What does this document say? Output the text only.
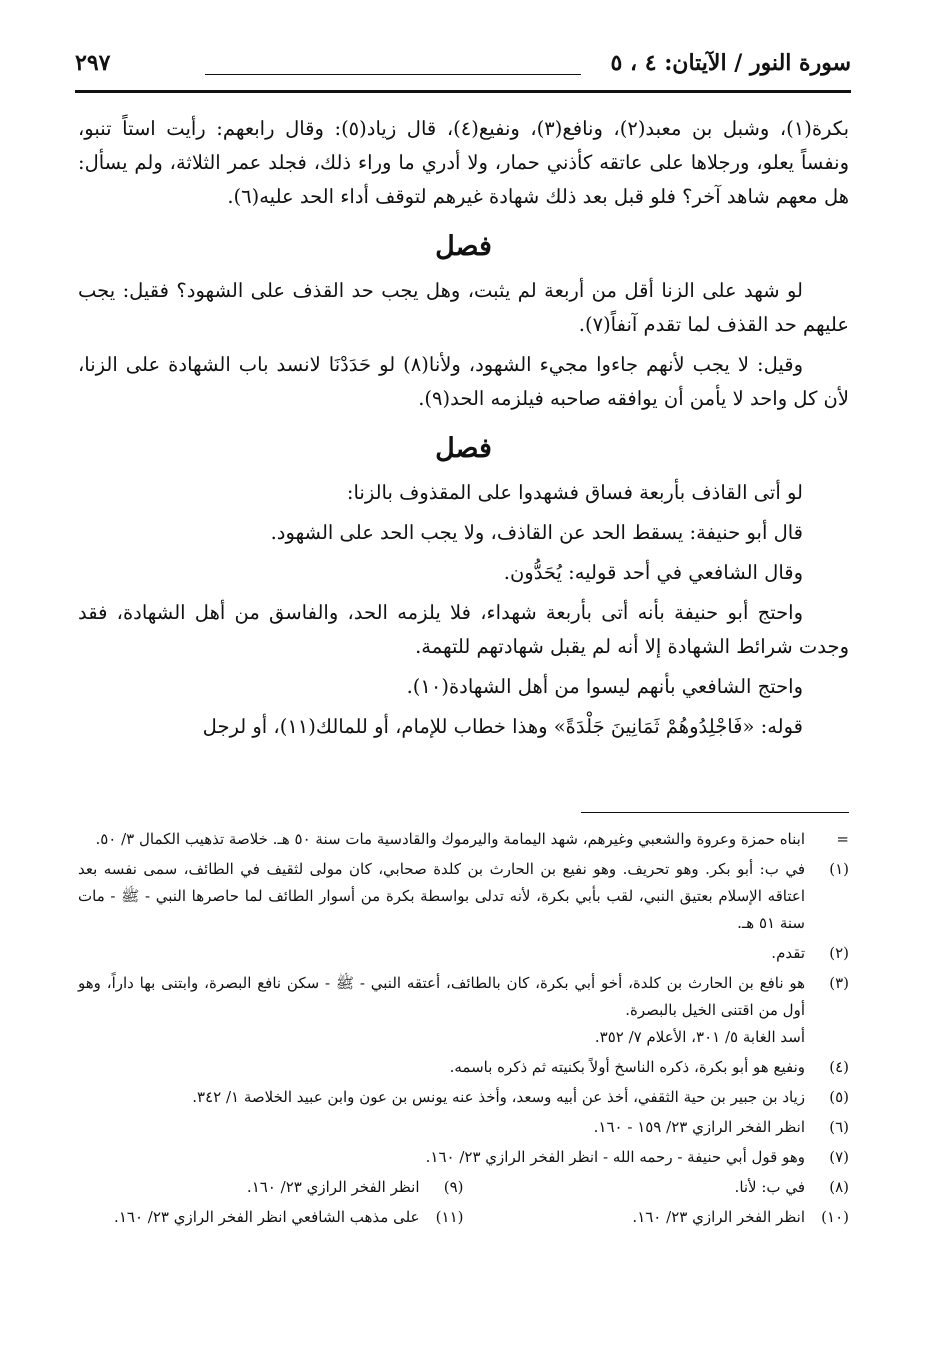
سورة النور / الآيتان: ٤ ، ٥
٢٩٧

بكرة(١)، وشبل بن معبد(٢)، ونافع(٣)، ونفيع(٤)، قال زياد(٥): وقال رابعهم: رأيت استاً تنبو، ونفساً يعلو، ورجلاها على عاتقه كأذني حمار، ولا أدري ما وراء ذلك، فجلد عمر الثلاثة، ولم يسأل: هل معهم شاهد آخر؟ فلو قبل بعد ذلك شهادة غيرهم لتوقف أداء الحد عليه(٦).

فصل

لو شهد على الزنا أقل من أربعة لم يثبت، وهل يجب حد القذف على الشهود؟ فقيل: يجب عليهم حد القذف لما تقدم آنفاً(٧).

وقيل: لا يجب لأنهم جاءوا مجيء الشهود، ولأنا(٨) لو حَدَدْنَا لانسد باب الشهادة على الزنا، لأن كل واحد لا يأمن أن يوافقه صاحبه فيلزمه الحد(٩).

فصل

لو أتى القاذف بأربعة فساق فشهدوا على المقذوف بالزنا:

قال أبو حنيفة: يسقط الحد عن القاذف، ولا يجب الحد على الشهود.

وقال الشافعي في أحد قوليه: يُحَدُّون.

واحتج أبو حنيفة بأنه أتى بأربعة شهداء، فلا يلزمه الحد، والفاسق من أهل الشهادة، فقد وجدت شرائط الشهادة إلا أنه لم يقبل شهادتهم للتهمة.

واحتج الشافعي بأنهم ليسوا من أهل الشهادة(١٠).

قوله: «فَاجْلِدُوهُمْ ثَمَانِينَ جَلْدَةً» وهذا خطاب للإمام، أو للمالك(١١)، أو لرجل

=
ابناه حمزة وعروة والشعبي وغيرهم، شهد اليمامة واليرموك والقادسية مات سنة ٥٠ هـ. خلاصة تذهيب الكمال ٣/ ٥٠.
(١)
في ب: أبو بكر. وهو تحريف. وهو نفيع بن الحارث بن كلدة صحابي، كان مولى لثقيف في الطائف، سمى نفسه بعد اعتاقه الإسلام بعتيق النبي، لقب بأبي بكرة، لأنه تدلى بواسطة بكرة من أسوار الطائف لما حاصرها النبي - ﷺ - مات سنة ٥١ هـ.
(٢)
تقدم.
(٣)
هو نافع بن الحارث بن كلدة، أخو أبي بكرة، كان بالطائف، أعتقه النبي - ﷺ - سكن نافع البصرة، وابتنى بها داراً، وهو أول من اقتنى الخيل بالبصرة.
أسد الغابة ٥/ ٣٠١، الأعلام ٧/ ٣٥٢.
(٤)
ونفيع هو أبو بكرة، ذكره الناسخ أولاً بكنيته ثم ذكره باسمه.
(٥)
زياد بن جبير بن حية الثقفي، أخذ عن أبيه وسعد، وأخذ عنه يونس بن عون وابن عبيد الخلاصة ١/ ٣٤٢.
(٦)
انظر الفخر الرازي ٢٣/ ١٥٩ - ١٦٠.
(٧)
وهو قول أبي حنيفة - رحمه الله - انظر الفخر الرازي ٢٣/ ١٦٠.
(٨)
في ب: لأنا.
(٩)
انظر الفخر الرازي ٢٣/ ١٦٠.
(١٠)
انظر الفخر الرازي ٢٣/ ١٦٠.
(١١)
على مذهب الشافعي انظر الفخر الرازي ٢٣/ ١٦٠.
